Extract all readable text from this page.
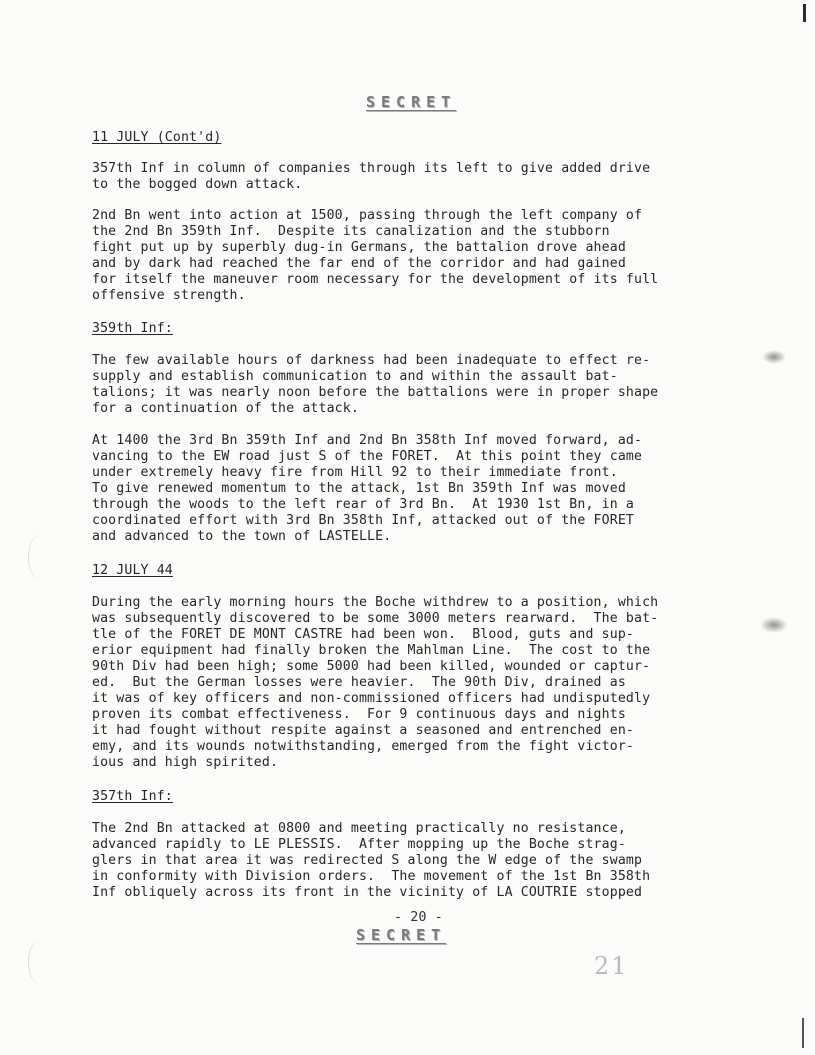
SECRET
11 JULY (Cont'd)
357th Inf in column of companies through its left to give added drive
to the bogged down attack.
2nd Bn went into action at 1500, passing through the left company of
the 2nd Bn 359th Inf.  Despite its canalization and the stubborn
fight put up by superbly dug-in Germans, the battalion drove ahead
and by dark had reached the far end of the corridor and had gained
for itself the maneuver room necessary for the development of its full
offensive strength.
359th Inf:
The few available hours of darkness had been inadequate to effect re-
supply and establish communication to and within the assault bat-
talions; it was nearly noon before the battalions were in proper shape
for a continuation of the attack.
At 1400 the 3rd Bn 359th Inf and 2nd Bn 358th Inf moved forward, ad-
vancing to the EW road just S of the FORET.  At this point they came
under extremely heavy fire from Hill 92 to their immediate front.
To give renewed momentum to the attack, 1st Bn 359th Inf was moved
through the woods to the left rear of 3rd Bn.  At 1930 1st Bn, in a
coordinated effort with 3rd Bn 358th Inf, attacked out of the FORET
and advanced to the town of LASTELLE.
12 JULY 44
During the early morning hours the Boche withdrew to a position, which
was subsequently discovered to be some 3000 meters rearward.  The bat-
tle of the FORET DE MONT CASTRE had been won.  Blood, guts and sup-
erior equipment had finally broken the Mahlman Line.  The cost to the
90th Div had been high; some 5000 had been killed, wounded or captur-
ed.  But the German losses were heavier.  The 90th Div, drained as
it was of key officers and non-commissioned officers had undisputedly
proven its combat effectiveness.  For 9 continuous days and nights
it had fought without respite against a seasoned and entrenched en-
emy, and its wounds notwithstanding, emerged from the fight victor-
ious and high spirited.
357th Inf:
The 2nd Bn attacked at 0800 and meeting practically no resistance,
advanced rapidly to LE PLESSIS.  After mopping up the Boche strag-
glers in that area it was redirected S along the W edge of the swamp
in conformity with Division orders.  The movement of the 1st Bn 358th
Inf obliquely across its front in the vicinity of LA COUTRIE stopped
- 20 -
SECRET
21
